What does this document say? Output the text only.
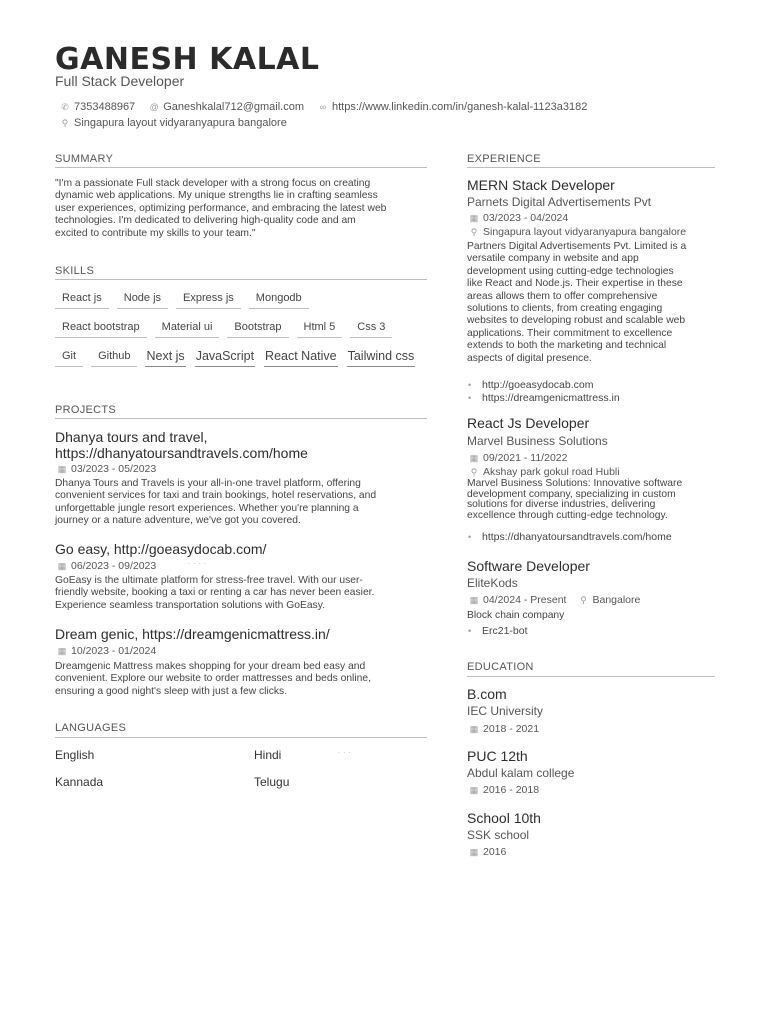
GANESH KALAL
Full Stack Developer
✆ 7353488967 @ Ganeshkalal712@gmail.com ∞ https://www.linkedin.com/in/ganesh-kalal-1123a3182
⚲ Singapura layout vidyaranyapura bangalore
SUMMARY
"I'm a passionate Full stack developer with a strong focus on creating
dynamic web applications. My unique strengths lie in crafting seamless
user experiences, optimizing performance, and embracing the latest web
technologies. I'm dedicated to delivering high-quality code and am
excited to contribute my skills to your team."
SKILLS
React js	Node js	Express js	Mongodb
React bootstrap	Material ui	Bootstrap	Html 5	Css 3
Git	Github	Next js JavaScript React Native Tailwind css
PROJECTS
Dhanya tours and travel,
https://dhanyatoursandtravels.com/home
▦ 03/2023 - 05/2023
Dhanya Tours and Travels is your all-in-one travel platform, offering
convenient services for taxi and train bookings, hotel reservations, and
unforgettable jungle resort experiences. Whether you're planning a
journey or a nature adventure, we've got you covered.
Go easy, http://goeasydocab.com/
▦ 06/2023 - 09/2023	. . . .
GoEasy is the ultimate platform for stress-free travel. With our user-
friendly website, booking a taxi or renting a car has never been easier.
Experience seamless transportation solutions with GoEasy.
Dream genic, https://dreamgenicmattress.in/
▦ 10/2023 - 01/2024
Dreamgenic Mattress makes shopping for your dream bed easy and
convenient. Explore our website to order mattresses and beds online,
ensuring a good night's sleep with just a few clicks.
LANGUAGES
English	Hindi	. . .
Kannada	Telugu
EXPERIENCE
MERN Stack Developer
Parnets Digital Advertisements Pvt
▦ 03/2023 - 04/2024
⚲ Singapura layout vidyaranyapura bangalore
Partners Digital Advertisements Pvt. Limited is a
versatile company in website and app
development using cutting-edge technologies
like React and Node.js. Their expertise in these
areas allows them to offer comprehensive
solutions to clients, from creating engaging
websites to developing robust and scalable web
applications. Their commitment to excellence
extends to both the marketing and technical
aspects of digital presence.
• http://goeasydocab.com
• https://dreamgenicmattress.in
React Js Developer
Marvel Business Solutions
▦ 09/2021 - 11/2022
⚲ Akshay park gokul road Hubli
Marvel Business Solutions: Innovative software
development company, specializing in custom
solutions for diverse industries, delivering
excellence through cutting-edge technology.
• https://dhanyatoursandtravels.com/home
Software Developer
EliteKods
▦ 04/2024 - Present ⚲ Bangalore
Block chain company
• Erc21-bot
EDUCATION
B.com
IEC University
▦ 2018 - 2021
PUC 12th
Abdul kalam college
▦ 2016 - 2018
School 10th
SSK school
▦ 2016
